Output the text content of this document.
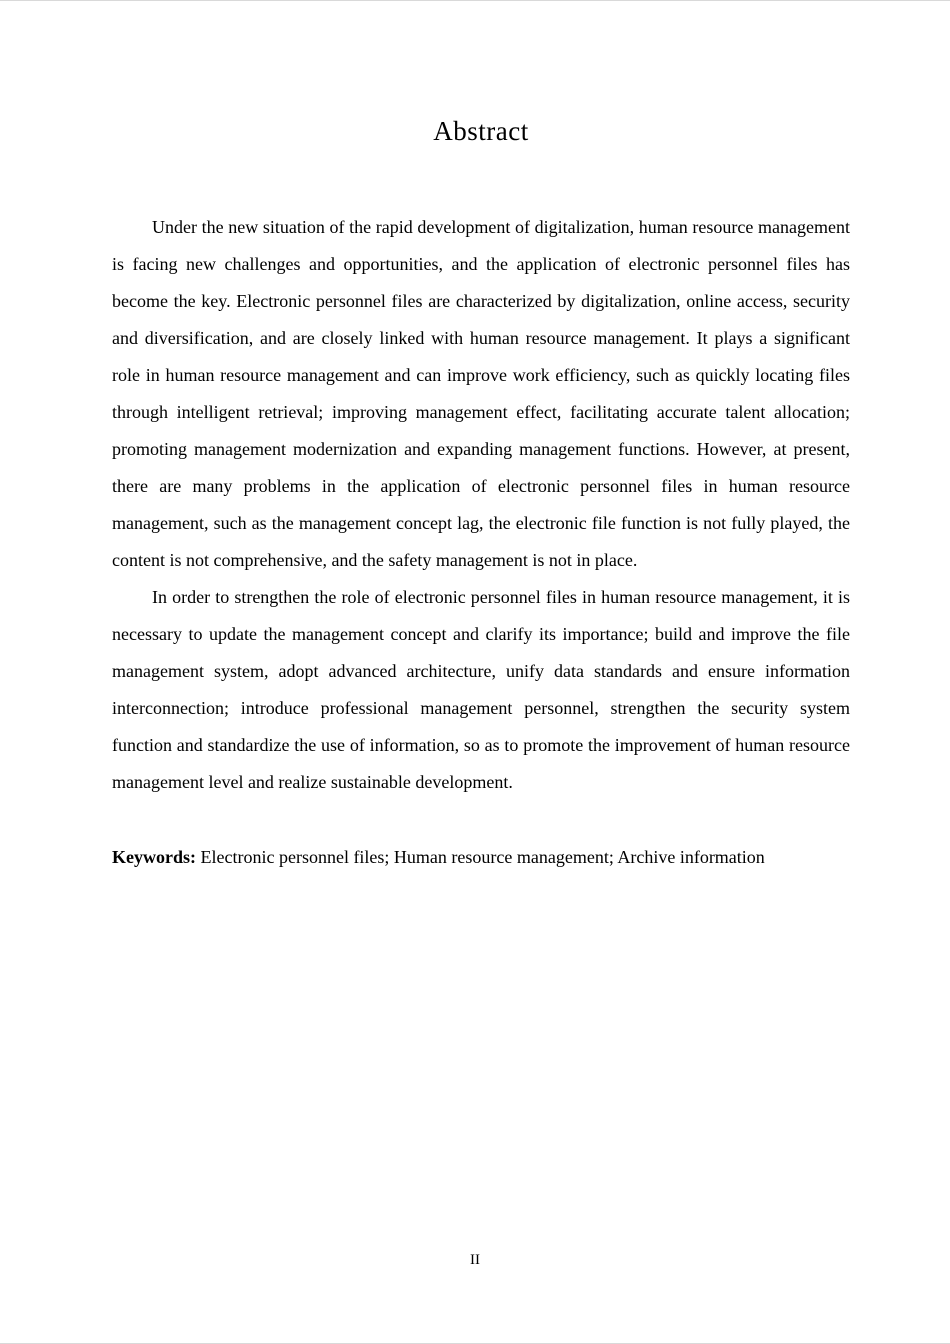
Abstract

Under the new situation of the rapid development of digitalization, human resource management is facing new challenges and opportunities, and the application of electronic personnel files has become the key. Electronic personnel files are characterized by digitalization, online access, security and diversification, and are closely linked with human resource management. It plays a significant role in human resource management and can improve work efficiency, such as quickly locating files through intelligent retrieval; improving management effect, facilitating accurate talent allocation; promoting management modernization and expanding management functions. However, at present, there are many problems in the application of electronic personnel files in human resource management, such as the management concept lag, the electronic file function is not fully played, the content is not comprehensive, and the safety management is not in place.

In order to strengthen the role of electronic personnel files in human resource management, it is necessary to update the management concept and clarify its importance; build and improve the file management system, adopt advanced architecture, unify data standards and ensure information interconnection; introduce professional management personnel, strengthen the security system function and standardize the use of information, so as to promote the improvement of human resource management level and realize sustainable development.

Keywords: Electronic personnel files; Human resource management; Archive information
II
